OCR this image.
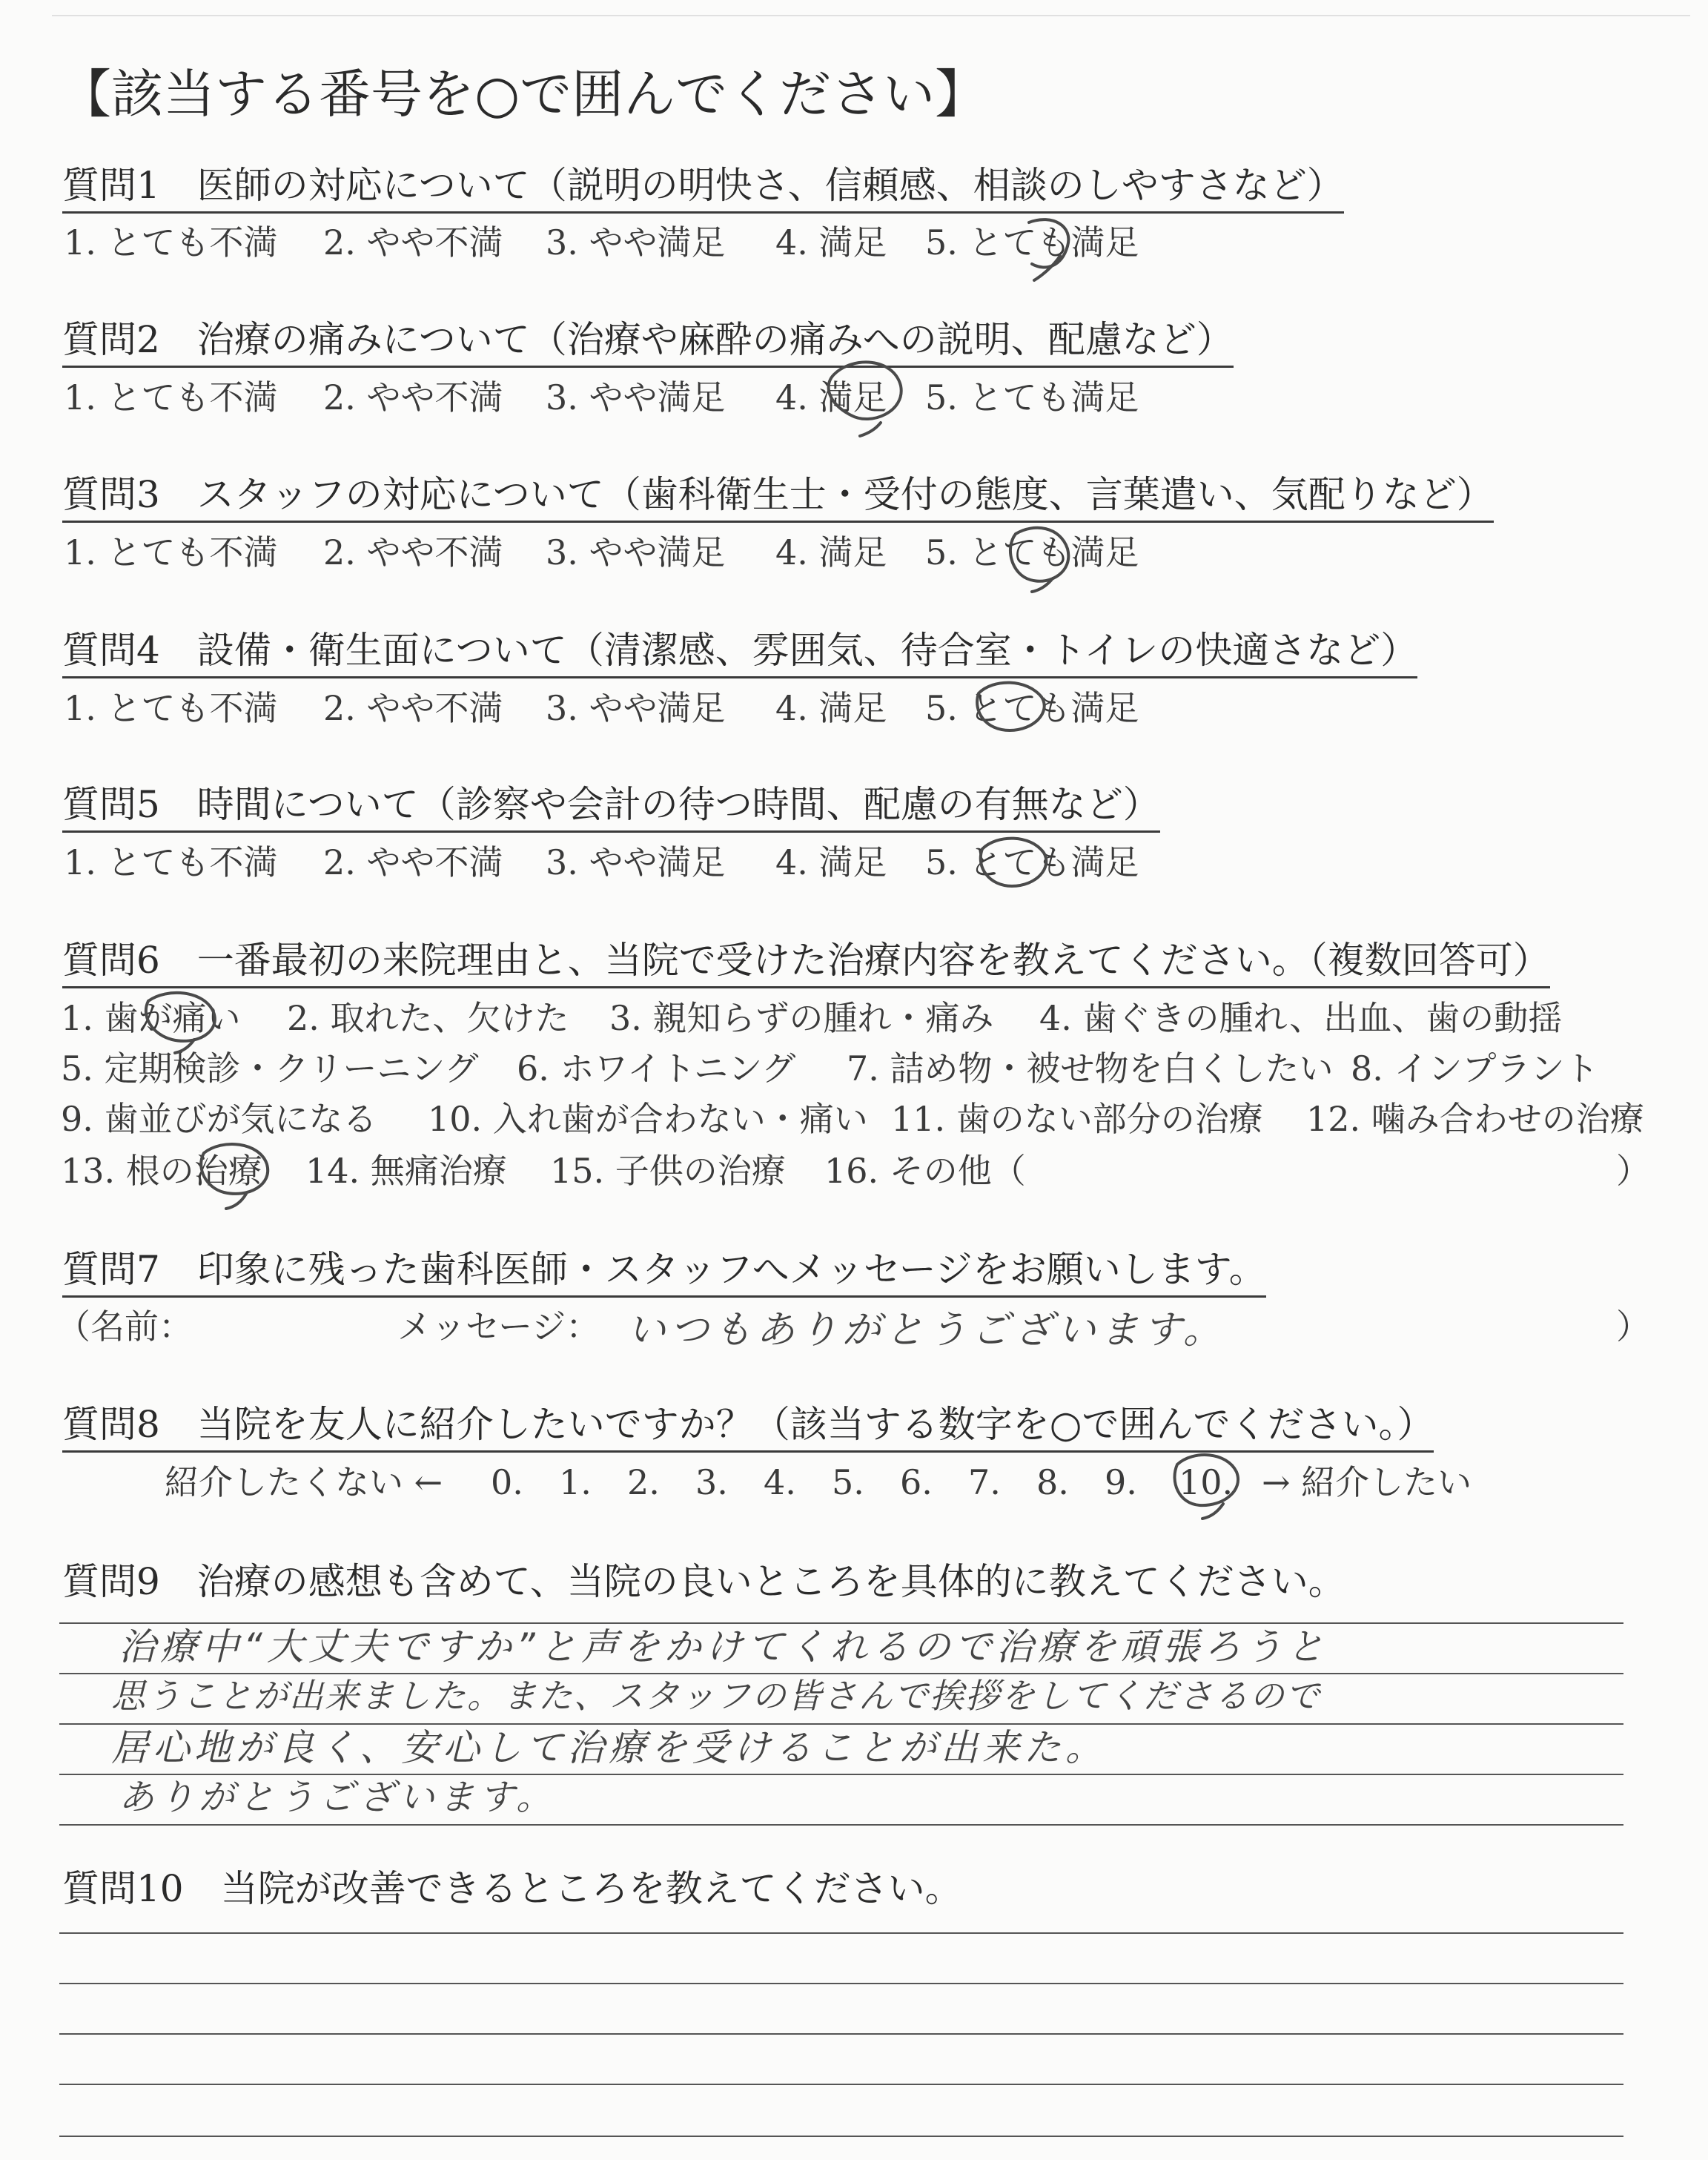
【該当する番号を○で囲んでください】
質問1　医師の対応について（説明の明快さ、信頼感、相談のしやすさなど）
1. とても不満 2. やや不満 3. やや満足 4. 満足 5. とても満足
質問2　治療の痛みについて（治療や麻酔の痛みへの説明、配慮など）
1. とても不満 2. やや不満 3. やや満足 4. 満足 5. とても満足
質問3　スタッフの対応について（歯科衛生士・受付の態度、言葉遣い、気配りなど）
1. とても不満 2. やや不満 3. やや満足 4. 満足 5. とても満足
質問4　設備・衛生面について（清潔感、雰囲気、待合室・トイレの快適さなど）
1. とても不満 2. やや不満 3. やや満足 4. 満足 5. とても満足
質問5　時間について（診察や会計の待つ時間、配慮の有無など）
1. とても不満 2. やや不満 3. やや満足 4. 満足 5. とても満足
質問6　一番最初の来院理由と、当院で受けた治療内容を教えてください。（複数回答可）
1. 歯が痛い 2. 取れた、欠けた 3. 親知らずの腫れ・痛み 4. 歯ぐきの腫れ、出血、歯の動揺
5. 定期検診・クリーニング 6. ホワイトニング 7. 詰め物・被せ物を白くしたい 8. インプラント
9. 歯並びが気になる 10. 入れ歯が合わない・痛い 11. 歯のない部分の治療 12. 噛み合わせの治療
13. 根の治療 14. 無痛治療 15. 子供の治療 16. その他（	）
質問7　印象に残った歯科医師・スタッフへメッセージをお願いします。
（名前：	メッセージ： いつもありがとうございます。	）
質問8　当院を友人に紹介したいですか？（該当する数字を○で囲んでください。）
紹介したくない ← 0. 1. 2. 3. 4. 5. 6. 7. 8. 9. 10. → 紹介したい
質問9　治療の感想も含めて、当院の良いところを具体的に教えてください。
治療中“大丈夫ですか”と声をかけてくれるので治療を頑張ろうと
思うことが出来ました。また、スタッフの皆さんで挨拶をしてくださるので
居心地が良く、安心して治療を受けることが出来た。
ありがとうございます。
質問10　当院が改善できるところを教えてください。
